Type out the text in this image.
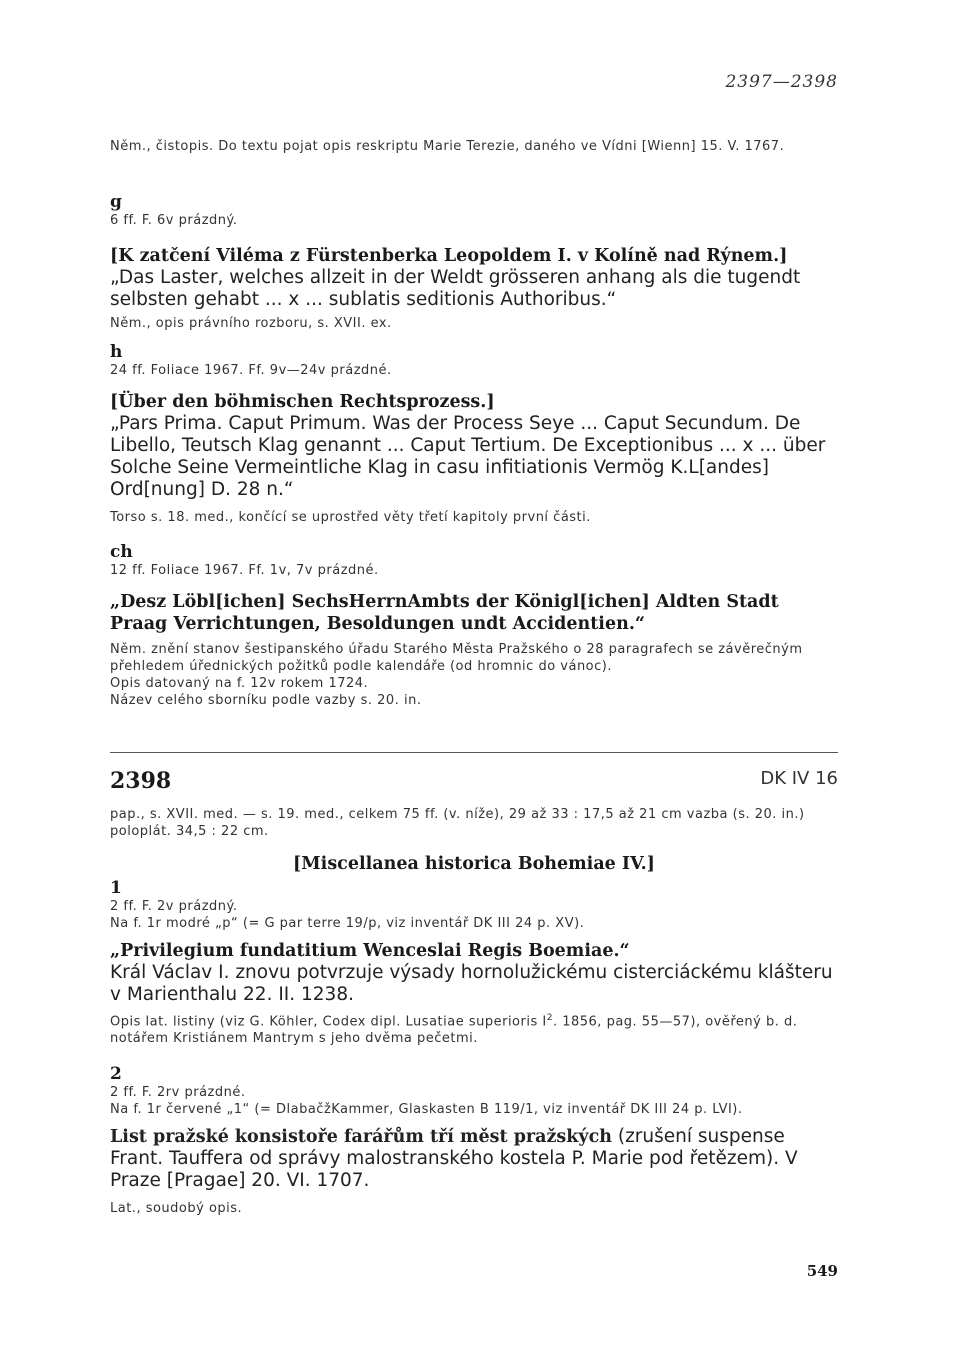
2397—2398

Něm., čistopis. Do textu pojat opis reskriptu Marie Terezie, daného ve Vídni [Wienn] 15. V. 1767.

g

6 ff. F. 6v prázdný.

[K zatčení Viléma z Fürstenberka Leopoldem I. v Kolíně nad Rýnem.]

„Das Laster, welches allzeit in der Weldt grösseren anhang als die tugendt selbsten gehabt ... x ... sublatis seditionis Authoribus.“

Něm., opis právního rozboru, s. XVII. ex.

h

24 ff. Foliace 1967. Ff. 9v—24v prázdné.

[Über den böhmischen Rechtsprozess.]

„Pars Prima. Caput Primum. Was der Process Seye ... Caput Secundum. De Libello, Teutsch Klag genannt ... Caput Tertium. De Exceptionibus ... x ... über Solche Seine Vermeintliche Klag in casu infitiationis Vermög K.L[andes] Ord[nung] D. 28 n.“

Torso s. 18. med., končící se uprostřed věty třetí kapitoly první části.

ch

12 ff. Foliace 1967. Ff. 1v, 7v prázdné.

„Desz Löbl[ichen] SechsHerrnAmbts der Königl[ichen] Aldten Stadt Praag Verrichtungen, Besoldungen undt Accidentien.“

Něm. znění stanov šestipanského úřadu Starého Města Pražského o 28 paragrafech se závěrečným přehledem úřednických požitků podle kalendáře (od hromnic do vánoc).

Opis datovaný na f. 12v rokem 1724.

Název celého sborníku podle vazby s. 20. in.

2398	DK IV 16

pap., s. XVII. med. — s. 19. med., celkem 75 ff. (v. níže), 29 až 33 : 17,5 až 21 cm vazba (s. 20. in.) poloplát. 34,5 : 22 cm.

[Miscellanea historica Bohemiae IV.]

1

2 ff. F. 2v prázdný.

Na f. 1r modré „p“ (= G par terre 19/p, viz inventář DK III 24 p. XV).

„Privilegium fundatitium Wenceslai Regis Boemiae.“

Král Václav I. znovu potvrzuje výsady hornolužickému cisterciáckému klášteru v Marienthalu 22. II. 1238.

Opis lat. listiny (viz G. Köhler, Codex dipl. Lusatiae superioris $I^2$. 1856, pag. 55—57), ověřený b. d. notářem Kristiánem Mantrym s jeho dvěma pečetmi.

2

2 ff. F. 2rv prázdné.

Na f. 1r červené „1“ (= DlabačžKammer, Glaskasten B 119/1, viz inventář DK III 24 p. LVI).

List pražské konsistoře farářům tří měst pražských (zrušení suspense Frant. Tauffera od správy malostranského kostela P. Marie pod řetězem). V Praze [Pragae] 20. VI. 1707.

Lat., soudobý opis.

549
